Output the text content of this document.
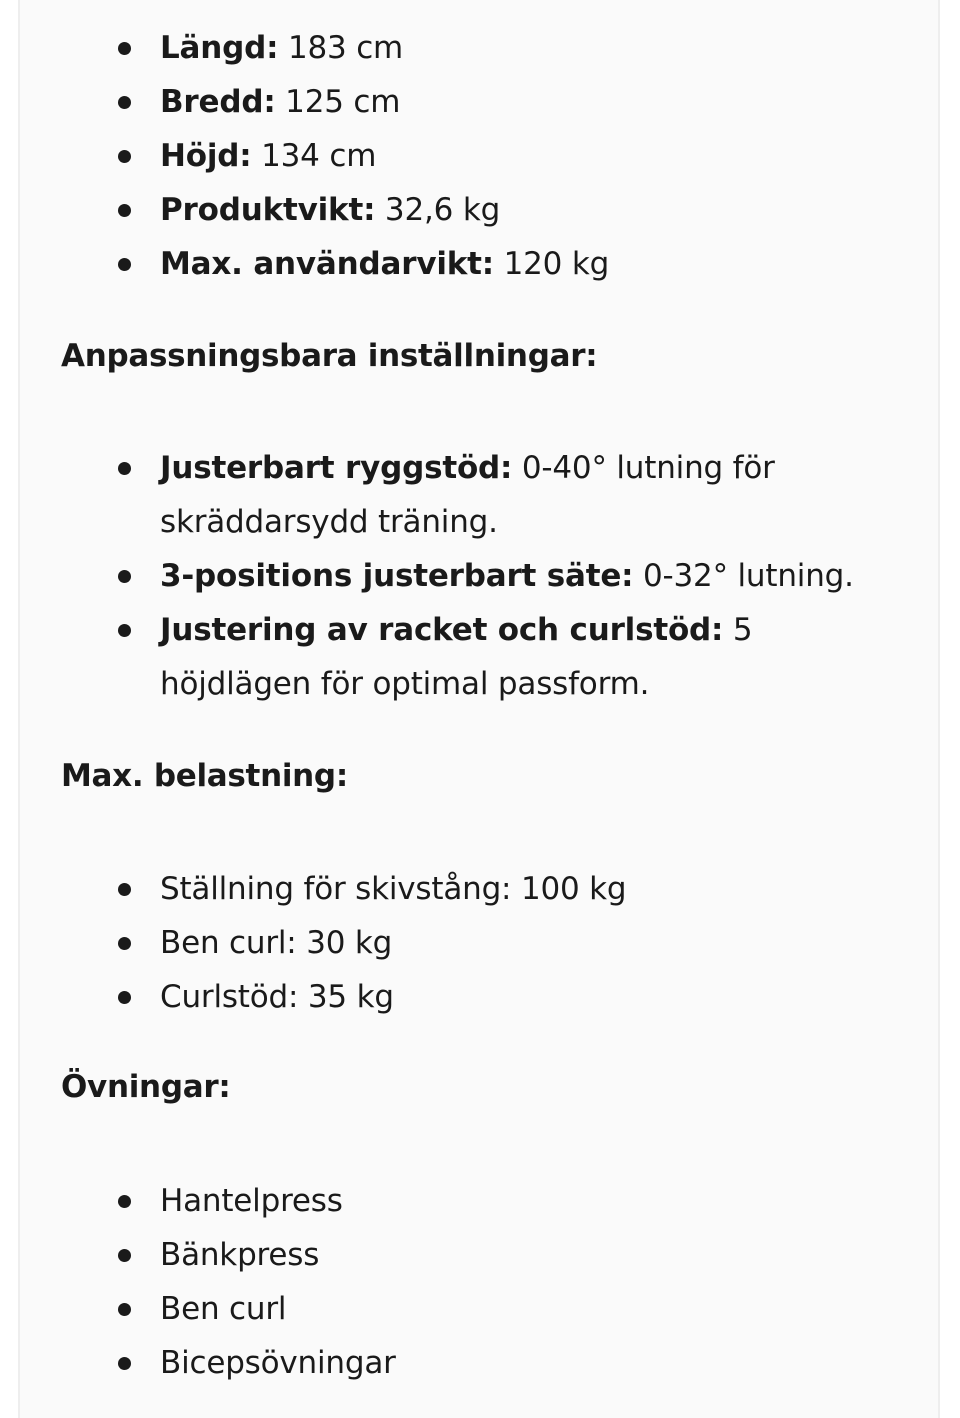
Längd: 183 cm
Bredd: 125 cm
Höjd: 134 cm
Produktvikt: 32,6 kg
Max. användarvikt: 120 kg
Anpassningsbara inställningar:
Justerbart ryggstöd: 0-40° lutning för skräddarsydd träning.
3-positions justerbart säte: 0-32° lutning.
Justering av racket och curlstöd: 5 höjdlägen för optimal passform.
Max. belastning:
Ställning för skivstång: 100 kg
Ben curl: 30 kg
Curlstöd: 35 kg
Övningar:
Hantelpress
Bänkpress
Ben curl
Bicepsövningar
